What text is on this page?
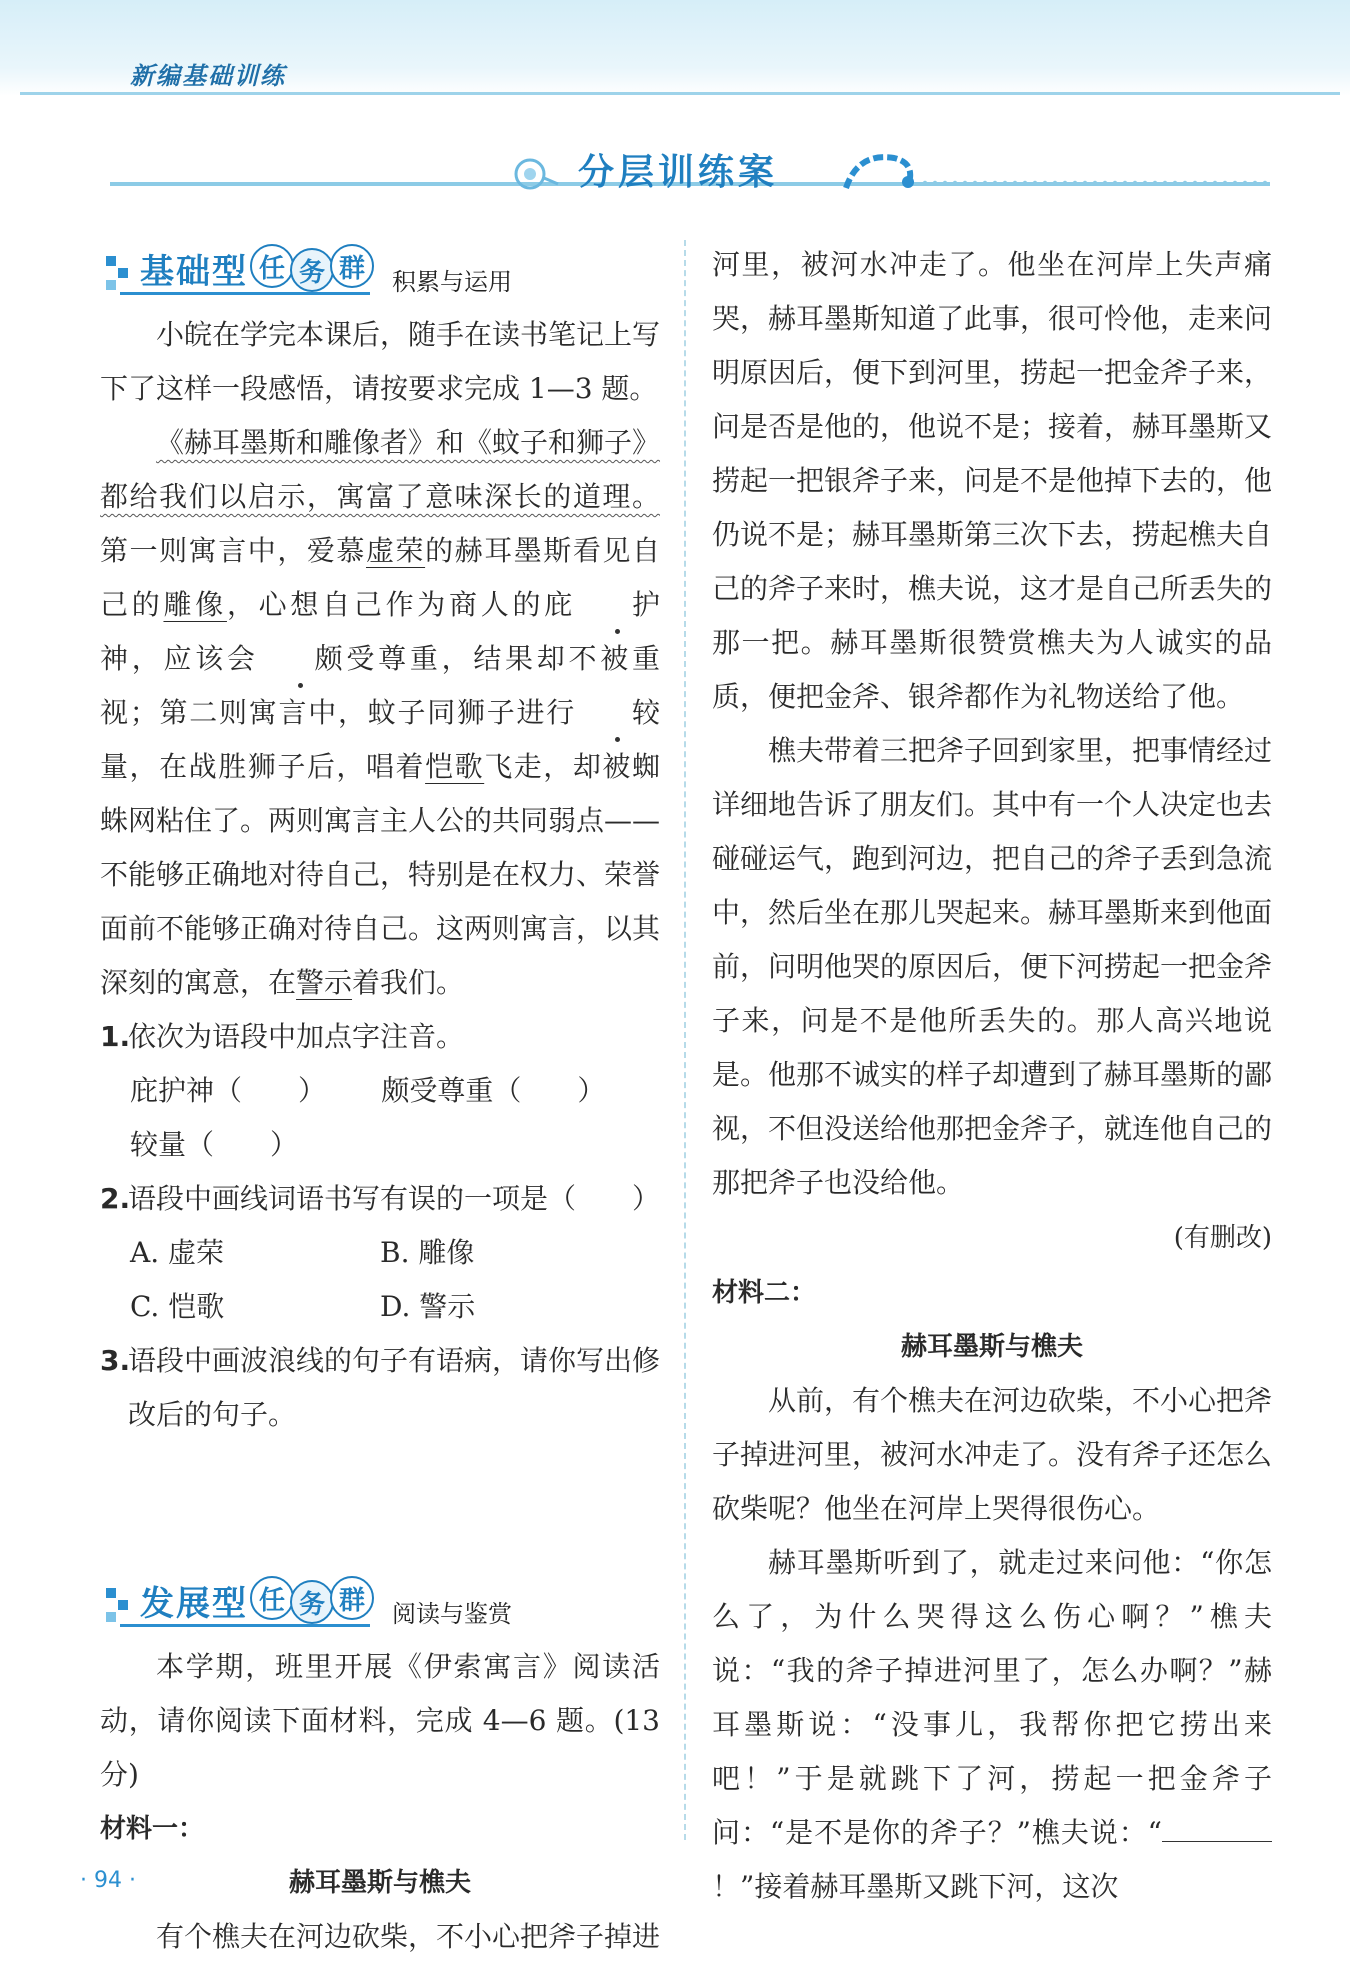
新编基础训练
分层训练案
基础型 任 务 群	积累与运用

小皖在学完本课后，随手在读书笔记上写下了这样一段感悟，请按要求完成 1—3 题。

《赫耳墨斯和雕像者》和《蚊子和狮子》都给我们以启示，寓富了意味深长的道理。第一则寓言中，爱慕虚荣的赫耳墨斯看见自己的雕像，心想自己作为商人的庇 护神，应该会 颇受尊重，结果却不被重视；第二则寓言中，蚊子同狮子进行 较量，在战胜狮子后，唱着恺歌飞走，却被蜘蛛网粘住了。两则寓言主人公的共同弱点——不能够正确地对待自己，特别是在权力、荣誉面前不能够正确对待自己。这两则寓言，以其深刻的寓意，在警示着我们。

1.
依次为语段中加点字注音。

庇护神（　　） 颇受尊重（　　）
较量（　　）

2.
语段中画线词语书写有误的一项是 （　　）

A. 虚荣	B. 雕像
C. 恺歌	D. 警示

3.
语段中画波浪线的句子有语病，请你写出修改后的句子。

发展型 任 务 群	阅读与鉴赏

本学期，班里开展《伊索寓言》阅读活动，请你阅读下面材料，完成 4—6 题。(13 分)

材料一：

赫耳墨斯与樵夫

有个樵夫在河边砍柴，不小心把斧子掉进

河里，被河水冲走了。他坐在河岸上失声痛哭，赫耳墨斯知道了此事，很可怜他，走来问明原因后，便下到河里，捞起一把金斧子来，问是否是他的，他说不是；接着，赫耳墨斯又捞起一把银斧子来，问是不是他掉下去的，他仍说不是；赫耳墨斯第三次下去，捞起樵夫自己的斧子来时，樵夫说，这才是自己所丢失的那一把。赫耳墨斯很赞赏樵夫为人诚实的品质，便把金斧、银斧都作为礼物送给了他。

樵夫带着三把斧子回到家里，把事情经过详细地告诉了朋友们。其中有一个人决定也去碰碰运气，跑到河边，把自己的斧子丢到急流中，然后坐在那儿哭起来。赫耳墨斯来到他面前，问明他哭的原因后，便下河捞起一把金斧子来，问是不是他所丢失的。那人高兴地说是。他那不诚实的样子却遭到了赫耳墨斯的鄙视，不但没送给他那把金斧子，就连他自己的那把斧子也没给他。

(有删改)

材料二：

赫耳墨斯与樵夫

从前，有个樵夫在河边砍柴，不小心把斧子掉进河里，被河水冲走了。没有斧子还怎么砍柴呢？他坐在河岸上哭得很伤心。

赫耳墨斯听到了，就走过来问他：“你怎么了，为什么哭得这么伤心啊？”樵夫说：“我的斧子掉进河里了，怎么办啊？”赫耳墨斯说：“没事儿，我帮你把它捞出来吧！”于是就跳下了河，捞起一把金斧子问：“是不是你的斧子？”樵夫说：“！”接着赫耳墨斯又跳下河，这次

· 94 ·
